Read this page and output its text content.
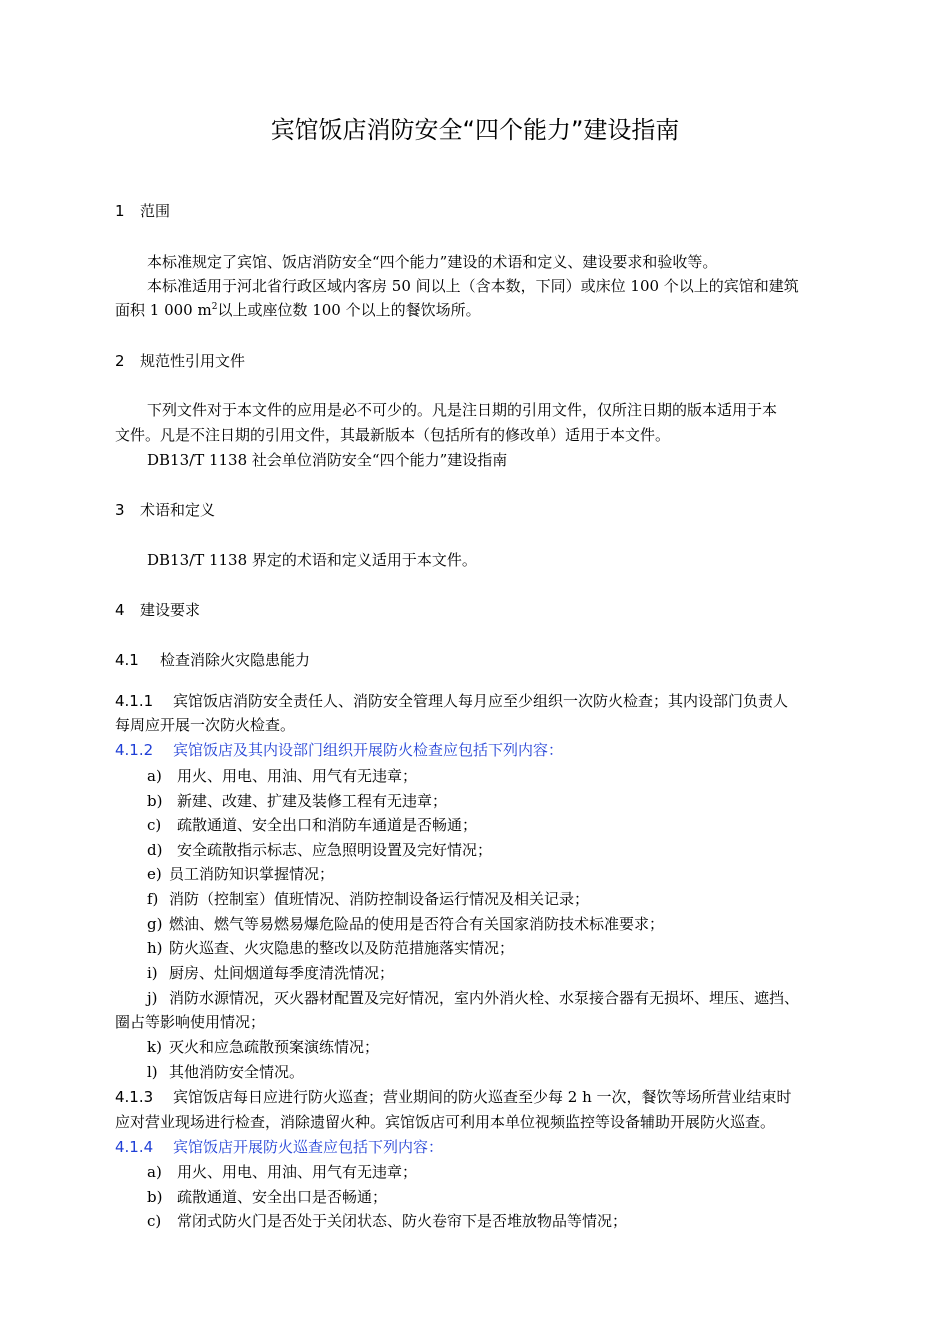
宾馆饭店消防安全“四个能力”建设指南
1 范围
本标准规定了宾馆、饭店消防安全“四个能力”建设的术语和定义、建设要求和验收等。
本标准适用于河北省行政区域内客房 50 间以上（含本数，下同）或床位 100 个以上的宾馆和建筑
面积 1 000 $m^2$以上或座位数 100 个以上的餐饮场所。
2 规范性引用文件
下列文件对于本文件的应用是必不可少的。凡是注日期的引用文件，仅所注日期的版本适用于本
文件。凡是不注日期的引用文件，其最新版本（包括所有的修改单）适用于本文件。
DB13/T 1138 社会单位消防安全“四个能力”建设指南
3 术语和定义
DB13/T 1138 界定的术语和定义适用于本文件。
4 建设要求
4.1 检查消除火灾隐患能力
4.1.1 宾馆饭店消防安全责任人、消防安全管理人每月应至少组织一次防火检查；其内设部门负责人
每周应开展一次防火检查。
4.1.2 宾馆饭店及其内设部门组织开展防火检查应包括下列内容：
a) 用火、用电、用油、用气有无违章；
b) 新建、改建、扩建及装修工程有无违章；
c) 疏散通道、安全出口和消防车通道是否畅通；
d) 安全疏散指示标志、应急照明设置及完好情况；
e) 员工消防知识掌握情况；
f) 消防（控制室）值班情况、消防控制设备运行情况及相关记录；
g) 燃油、燃气等易燃易爆危险品的使用是否符合有关国家消防技术标准要求；
h) 防火巡查、火灾隐患的整改以及防范措施落实情况；
i) 厨房、灶间烟道每季度清洗情况；
j) 消防水源情况，灭火器材配置及完好情况，室内外消火栓、水泵接合器有无损坏、埋压、遮挡、
圈占等影响使用情况；
k) 灭火和应急疏散预案演练情况；
l) 其他消防安全情况。
4.1.3 宾馆饭店每日应进行防火巡查；营业期间的防火巡查至少每 2 h 一次，餐饮等场所营业结束时
应对营业现场进行检查，消除遗留火种。宾馆饭店可利用本单位视频监控等设备辅助开展防火巡查。
4.1.4 宾馆饭店开展防火巡查应包括下列内容：
a) 用火、用电、用油、用气有无违章；
b) 疏散通道、安全出口是否畅通；
c) 常闭式防火门是否处于关闭状态、防火卷帘下是否堆放物品等情况；
